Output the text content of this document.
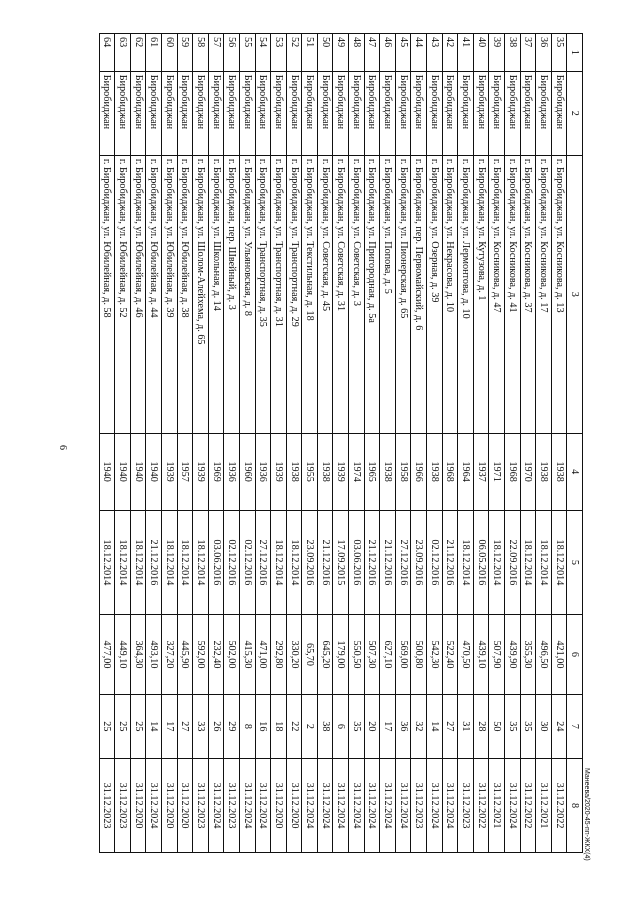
6
1	2	3	4	5	6	7	8
35	Биробиджан	г. Биробиджан, ул. Косникова, д. 13	1938	18.12.2014	421,00	24	31.12.2022
36	Биробиджан	г. Биробиджан, ул. Косникова, д. 17	1938	18.12.2014	496,50	30	31.12.2021
37	Биробиджан	г. Биробиджан, ул. Косникова, д. 37	1970	18.12.2014	355,30	35	31.12.2022
38	Биробиджан	г. Биробиджан, ул. Косникова, д. 41	1968	22.09.2016	439,90	35	31.12.2024
39	Биробиджан	г. Биробиджан, ул. Косникова, д. 47	1971	18.12.2014	507,90	50	31.12.2021
40	Биробиджан	г. Биробиджан, ул. Кутузова, д. 1	1937	06.05.2016	439,10	28	31.12.2022
41	Биробиджан	г. Биробиджан, ул. Лермонтова, д. 10	1964	18.12.2014	470,50	31	31.12.2023
42	Биробиджан	г. Биробиджан, ул. Некрасова, д. 10	1968	21.12.2016	522,40	27	31.12.2024
43	Биробиджан	г. Биробиджан, ул. Озерная, д. 39	1938	02.12.2016	542,30	14	31.12.2024
44	Биробиджан	г. Биробиджан, пер. Первомайский, д. 6	1966	23.09.2016	500,80	32	31.12.2023
45	Биробиджан	г. Биробиджан, ул. Пионерская, д. 65	1958	27.12.2016	569,00	36	31.12.2024
46	Биробиджан	г. Биробиджан, ул. Попова, д. 5	1938	21.12.2016	627,10	17	31.12.2024
47	Биробиджан	г. Биробиджан, ул. Пригородная, д. 5а	1965	21.12.2016	507,30	20	31.12.2024
48	Биробиджан	г. Биробиджан, ул. Советская, д. 3	1974	03.06.2016	550,50	35	31.12.2024
49	Биробиджан	г. Биробиджан, ул. Советская, д. 31	1939	17.09.2015	179,00	6	31.12.2024
50	Биробиджан	г. Биробиджан, ул. Советская, д. 45	1938	21.12.2016	645,20	38	31.12.2024
51	Биробиджан	г. Биробиджан, ул. Текстильная, д. 18	1955	23.09.2016	65,70	2	31.12.2024
52	Биробиджан	г. Биробиджан, ул. Транспортная, д. 29	1938	18.12.2014	330,20	22	31.12.2020
53	Биробиджан	г. Биробиджан, ул. Транспортная, д. 31	1939	18.12.2014	292,80	18	31.12.2020
54	Биробиджан	г. Биробиджан, ул. Транспортная, д. 35	1936	27.12.2016	471,00	16	31.12.2024
55	Биробиджан	г. Биробиджан, ул. Ульяновская, д. 8	1960	02.12.2016	415,30	8	31.12.2024
56	Биробиджан	г. Биробиджан, пер. Швейный, д. 3	1936	02.12.2016	502,00	29	31.12.2023
57	Биробиджан	г. Биробиджан, ул. Школьная, д. 14	1969	03.06.2016	232,40	26	31.12.2024
58	Биробиджан	г. Биробиджан, ул. Шолом-Алейхема, д. 65	1939	18.12.2014	592,00	33	31.12.2023
59	Биробиджан	г. Биробиджан, ул. Юбилейная, д. 38	1957	18.12.2014	445,90	27	31.12.2020
60	Биробиджан	г. Биробиджан, ул. Юбилейная, д. 39	1939	18.12.2014	327,20	17	31.12.2020
61	Биробиджан	г. Биробиджан, ул. Юбилейная, д. 44	1940	21.12.2016	493,10	14	31.12.2024
62	Биробиджан	г. Биробиджан, ул. Юбилейная, д. 46	1940	18.12.2014	364,30	25	31.12.2020
63	Биробиджан	г. Биробиджан, ул. Юбилейная, д. 52	1940	18.12.2014	449,10	25	31.12.2023
64	Биробиджан	г. Биробиджан, ул. Юбилейная, д. 58	1940	18.12.2014	477,00	25	31.12.2023	Манеевa/2020-45-пп-ЖКХ(4)
